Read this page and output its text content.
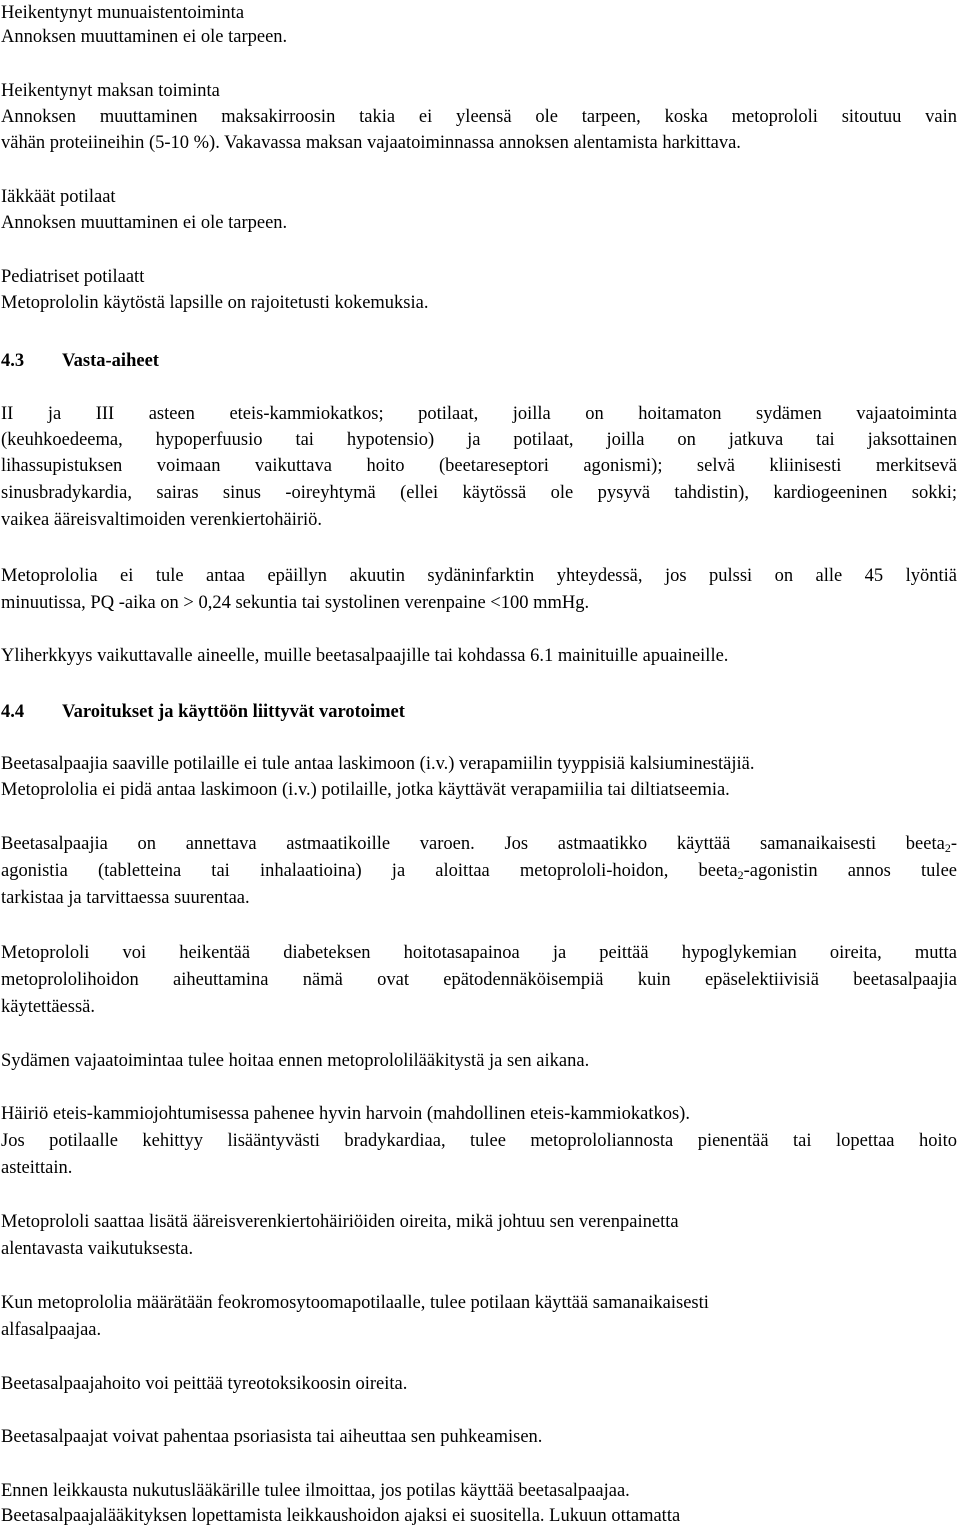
Heikentynyt munuaistentoiminta
Annoksen muuttaminen ei ole tarpeen.
Heikentynyt maksan toiminta
Annoksen muuttaminen maksakirroosin takia ei yleensä ole tarpeen, koska metoprololi sitoutuu vain
vähän proteiineihin (5-10 %). Vakavassa maksan vajaatoiminnassa annoksen alentamista harkittava.
Iäkkäät potilaat
Annoksen muuttaminen ei ole tarpeen.
Pediatriset potilaatt
Metoprololin käytöstä lapsille on rajoitetusti kokemuksia.
4.3 Vasta-aiheet
II ja III asteen eteis-kammiokatkos; potilaat, joilla on hoitamaton sydämen vajaatoiminta
(keuhkoedeema, hypoperfuusio tai hypotensio) ja potilaat, joilla on jatkuva tai jaksottainen
lihassupistuksen voimaan vaikuttava hoito (beetareseptori agonismi); selvä kliinisesti merkitsevä
sinusbradykardia, sairas sinus -oireyhtymä (ellei käytössä ole pysyvä tahdistin), kardiogeeninen sokki;
vaikea ääreisvaltimoiden verenkiertohäiriö.
Metoprololia ei tule antaa epäillyn akuutin sydäninfarktin yhteydessä, jos pulssi on alle 45 lyöntiä
minuutissa, PQ -aika on > 0,24 sekuntia tai systolinen verenpaine <100 mmHg.
Yliherkkyys vaikuttavalle aineelle, muille beetasalpaajille tai kohdassa 6.1 mainituille apuaineille.
4.4 Varoitukset ja käyttöön liittyvät varotoimet
Beetasalpaajia saaville potilaille ei tule antaa laskimoon (i.v.) verapamiilin tyyppisiä kalsiuminestäjiä.
Metoprololia ei pidä antaa laskimoon (i.v.) potilaille, jotka käyttävät verapamiilia tai diltiatseemia.
Beetasalpaajia on annettava astmaatikoille varoen. Jos astmaatikko käyttää samanaikaisesti beeta$_2$-
agonistia (tabletteina tai inhalaatioina) ja aloittaa metoprololi-hoidon, beeta$_2$-agonistin annos tulee
tarkistaa ja tarvittaessa suurentaa.
Metoprololi voi heikentää diabeteksen hoitotasapainoa ja peittää hypoglykemian oireita, mutta
metoprololihoidon aiheuttamina nämä ovat epätodennäköisempiä kuin epäselektiivisiä beetasalpaajia
käytettäessä.
Sydämen vajaatoimintaa tulee hoitaa ennen metoprololilääkitystä ja sen aikana.
Häiriö eteis-kammiojohtumisessa pahenee hyvin harvoin (mahdollinen eteis-kammiokatkos).
Jos potilaalle kehittyy lisääntyvästi bradykardiaa, tulee metoprololiannosta pienentää tai lopettaa hoito
asteittain.
Metoprololi saattaa lisätä ääreisverenkiertohäiriöiden oireita, mikä johtuu sen verenpainetta
alentavasta vaikutuksesta.
Kun metoprololia määrätään feokromosytoomapotilaalle, tulee potilaan käyttää samanaikaisesti
alfasalpaajaa.
Beetasalpaajahoito voi peittää tyreotoksikoosin oireita.
Beetasalpaajat voivat pahentaa psoriasista tai aiheuttaa sen puhkeamisen.
Ennen leikkausta nukutuslääkärille tulee ilmoittaa, jos potilas käyttää beetasalpaajaa.
Beetasalpaajalääkityksen lopettamista leikkaushoidon ajaksi ei suositella. Lukuun ottamatta
